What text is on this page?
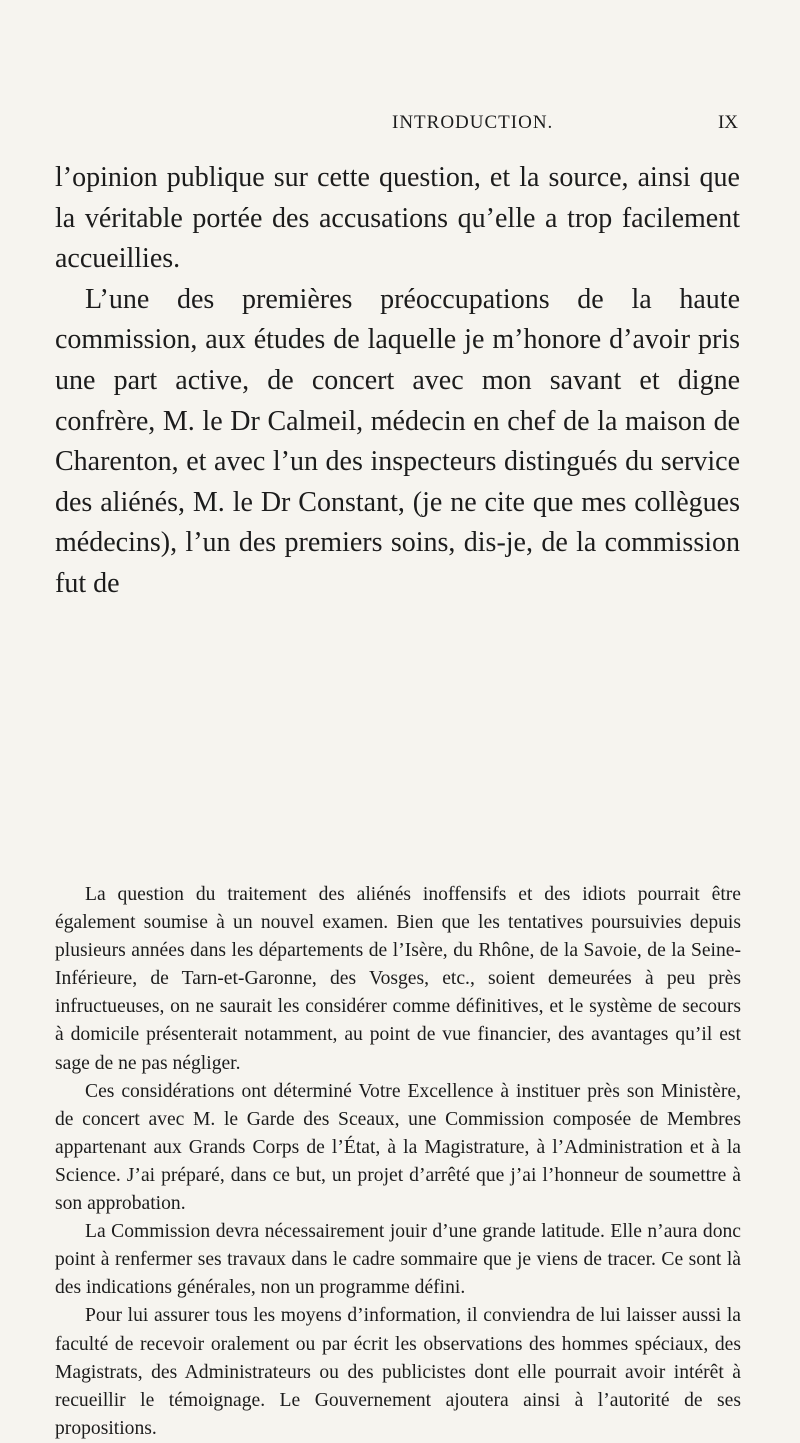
INTRODUCTION.	IX

l’opinion publique sur cette question, et la source, ainsi que la véritable portée des accusations qu’elle a trop facilement accueillies.

L’une des premières préoccupations de la haute commission, aux études de laquelle je m’honore d’avoir pris une part active, de concert avec mon savant et digne confrère, M. le Dr Calmeil, médecin en chef de la maison de Charenton, et avec l’un des inspecteurs distingués du service des aliénés, M. le Dr Constant, (je ne cite que mes collègues médecins), l’un des premiers soins, dis-je, de la commission fut de

La question du traitement des aliénés inoffensifs et des idiots pourrait être également soumise à un nouvel examen. Bien que les tentatives poursuivies depuis plusieurs années dans les départements de l’Isère, du Rhône, de la Savoie, de la Seine-Inférieure, de Tarn-et-Garonne, des Vosges, etc., soient demeurées à peu près infructueuses, on ne saurait les considérer comme définitives, et le système de secours à domicile présenterait notamment, au point de vue financier, des avantages qu’il est sage de ne pas négliger.

Ces considérations ont déterminé Votre Excellence à instituer près son Ministère, de concert avec M. le Garde des Sceaux, une Commission composée de Membres appartenant aux Grands Corps de l’État, à la Magistrature, à l’Administration et à la Science. J’ai préparé, dans ce but, un projet d’arrêté que j’ai l’honneur de soumettre à son approbation.

La Commission devra nécessairement jouir d’une grande latitude. Elle n’aura donc point à renfermer ses travaux dans le cadre sommaire que je viens de tracer. Ce sont là des indications générales, non un programme défini.

Pour lui assurer tous les moyens d’information, il conviendra de lui laisser aussi la faculté de recevoir oralement ou par écrit les observations des hommes spéciaux, des Magistrats, des Administrateurs ou des publicistes dont elle pourrait avoir intérêt à recueillir le témoignage. Le Gouvernement ajoutera ainsi à l’autorité de ses propositions.
